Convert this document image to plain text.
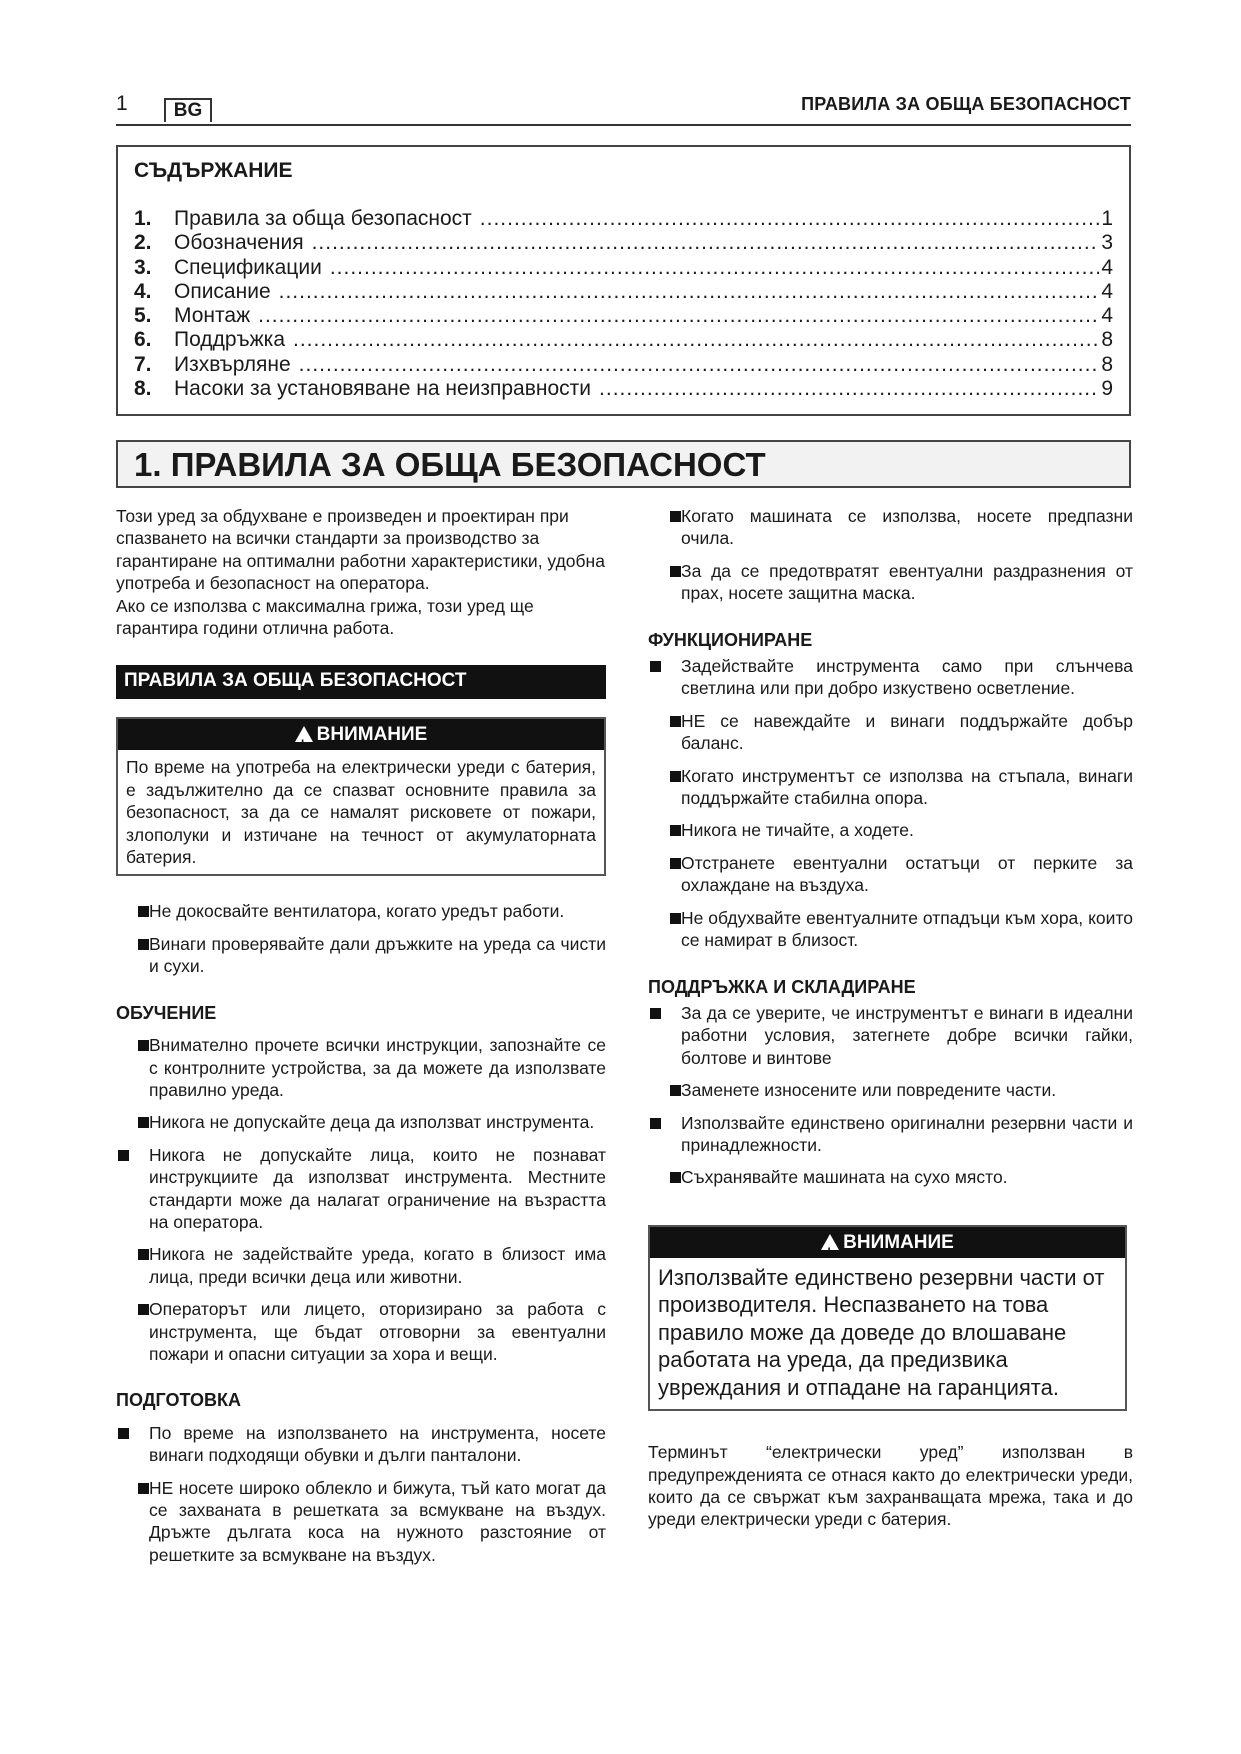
1	BG	ПРАВИЛА ЗА ОБЩА БЕЗОПАСНОСТ
СЪДЪРЖАНИЕ
1.	Правила за обща безопасност .....	1
2.	Обозначения .....	3
3.	Спецификации .....	4
4.	Описание .....	4
5.	Монтаж .....	4
6.	Поддръжка .....	8
7.	Изхвърляне .....	8
8.	Насоки за установяване на неизправности .....	9
1. ПРАВИЛА ЗА ОБЩА БЕЗОПАСНОСТ
Този уред за обдухване е произведен и проектиран при спазването на всички стандарти за производство за гарантиране на оптимални работни характеристики, удобна употреба и безопасност на оператора.
Ако се използва с максимална грижа, този уред ще гарантира години отлична работа.
ПРАВИЛА ЗА ОБЩА БЕЗОПАСНОСТ
!ВНИМАНИЕ
По време на употреба на електрически уреди с батерия, е задължително да се спазват основните правила за безопасност, за да се намалят рисковете от пожари, злополуки и изтичане на течност от акумулаторната батерия.
Не докосвайте вентилатора, когато уредът работи.
Винаги проверявайте дали дръжките на уреда са чисти и сухи.
ОБУЧЕНИЕ
Внимателно прочете всички инструкции, запознайте се с контролните устройства, за да можете да използвате правилно уреда.
Никога не допускайте деца да използват инструмента.
Никога не допускайте лица, които не познават инструкциите да използват инструмента. Местните стандарти може да налагат ограничение на възрастта на оператора.
Никога не задействайте уреда, когато в близост има лица, преди всички деца или животни.
Операторът или лицето, оторизирано за работа с инструмента, ще бъдат отговорни за евентуални пожари и опасни ситуации за хора и вещи.
ПОДГОТОВКА
По време на използването на инструмента, носете винаги подходящи обувки и дълги панталони.
НЕ носете широко облекло и бижута, тъй като могат да се захваната в решетката за всмукване на въздух. Дръжте дългата коса на нужното разстояние от решетките за всмукване на въздух.
Когато машината се използва, носете предпазни очила.
За да се предотвратят евентуални раздразнения от прах, носете защитна маска.
ФУНКЦИОНИРАНЕ
Задействайте инструмента само при слънчева светлина или при добро изкуствено осветление.
НЕ се навеждайте и винаги поддържайте добър баланс.
Когато инструментът се използва на стъпала, винаги поддържайте стабилна опора.
Никога не тичайте, а ходете.
Отстранете евентуални остатъци от перките за охлаждане на въздуха.
Не обдухвайте евентуалните отпадъци към хора, които се намират в близост.
ПОДДРЪЖКА И СКЛАДИРАНЕ
За да се уверите, че инструментът е винаги в идеални работни условия, затегнете добре всички гайки, болтове и винтове
Заменете износените или повредените части.
Използвайте единствено оригинални резервни части и принадлежности.
Съхранявайте машината на сухо място.
!ВНИМАНИЕ
Използвайте единствено резервни части от производителя. Неспазването на това правило може да доведе до влошаване работата на уреда, да предизвика увреждания и отпадане на гаранцията.
Терминът “електрически уред” използван в предупрежденията се отнася както до електрически уреди, които да се свържат към захранващата мрежа, така и до уреди електрически уреди с батерия.
